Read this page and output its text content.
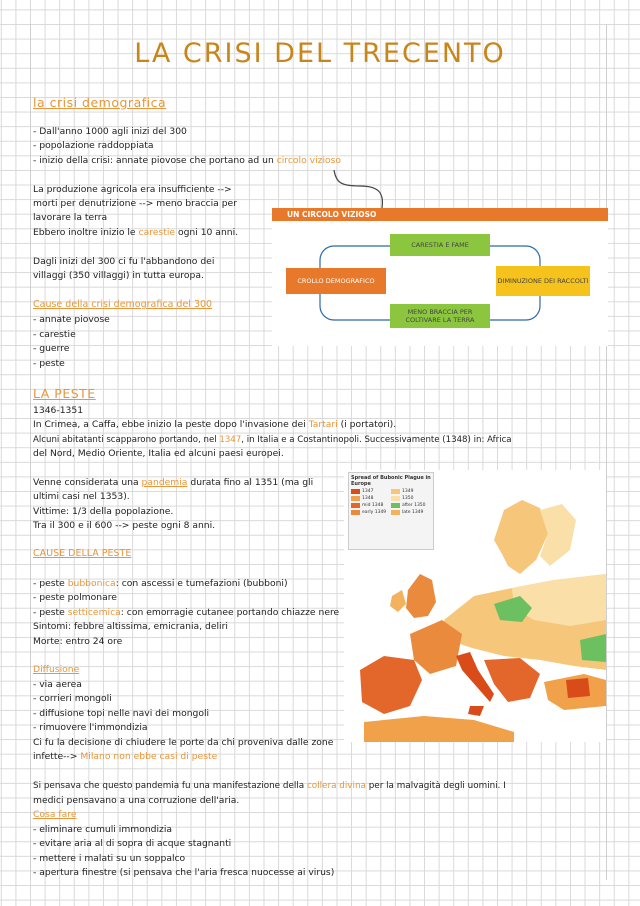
LA CRISI DEL TRECENTO
la crisi demografica
- Dall'anno 1000 agli inizi del 300
- popolazione raddoppiata
- inizio della crisi: annate piovose che portano ad un circolo vizioso
La produzione agricola era insufficiente -->
morti per denutrizione --> meno braccia per
lavorare la terra
Ebbero inoltre inizio le carestie ogni 10 anni.
Dagli inizi del 300 ci fu l'abbandono dei
villaggi (350 villaggi) in tutta europa.
Cause della crisi demografica del 300
- annate piovose
- carestie
- guerre
- peste
UN CIRCOLO VIZIOSO
CARESTIA E FAME
CROLLO DEMOGRAFICO	DIMINUZIONE DEI RACCOLTI
MENO BRACCIA PER COLTIVARE LA TERRA
LA PESTE
1346-1351
In Crimea, a Caffa, ebbe inizio la peste dopo l'invasione dei Tartari (i portatori).
Alcuni abitatanti scapparono portando, nel 1347, in Italia e a Costantinopoli. Successivamente (1348) in: Africa
del Nord, Medio Oriente, Italia ed alcuni paesi europei.
Venne considerata una pandemia durata fino al 1351 (ma gli
ultimi casi nel 1353).
Vittime: 1/3 della popolazione.
Tra il 300 e il 600 --> peste ogni 8 anni.
CAUSE DELLA PESTE
- peste bubbonica: con ascessi e tumefazioni (bubboni)
- peste polmonare
- peste setticemica: con emorragie cutanee portando chiazze nere
Sintomi: febbre altissima, emicrania, deliri
Morte: entro 24 ore
Diffusione
- via aerea
- corrieri mongoli
- diffusione topi nelle navi dei mongoli
- rimuovere l'immondizia
Ci fu la decisione di chiudere le porte da chi proveniva dalle zone
infette--> Milano non ebbe casi di peste
Si pensava che questo pandemia fu una manifestazione della collera divina per la malvagità degli uomini. I
medici pensavano a una corruzione dell'aria.
Cosa fare
- eliminare cumuli immondizia
- evitare aria al di sopra di acque stagnanti
- mettere i malati su un soppalco
- apertura finestre (si pensava che l'aria fresca nuocesse ai virus)
Spread of Bubonic Plague in Europe
1347	1349
1348	1350
mid 1348	after 1350
early 1349	late 1349
